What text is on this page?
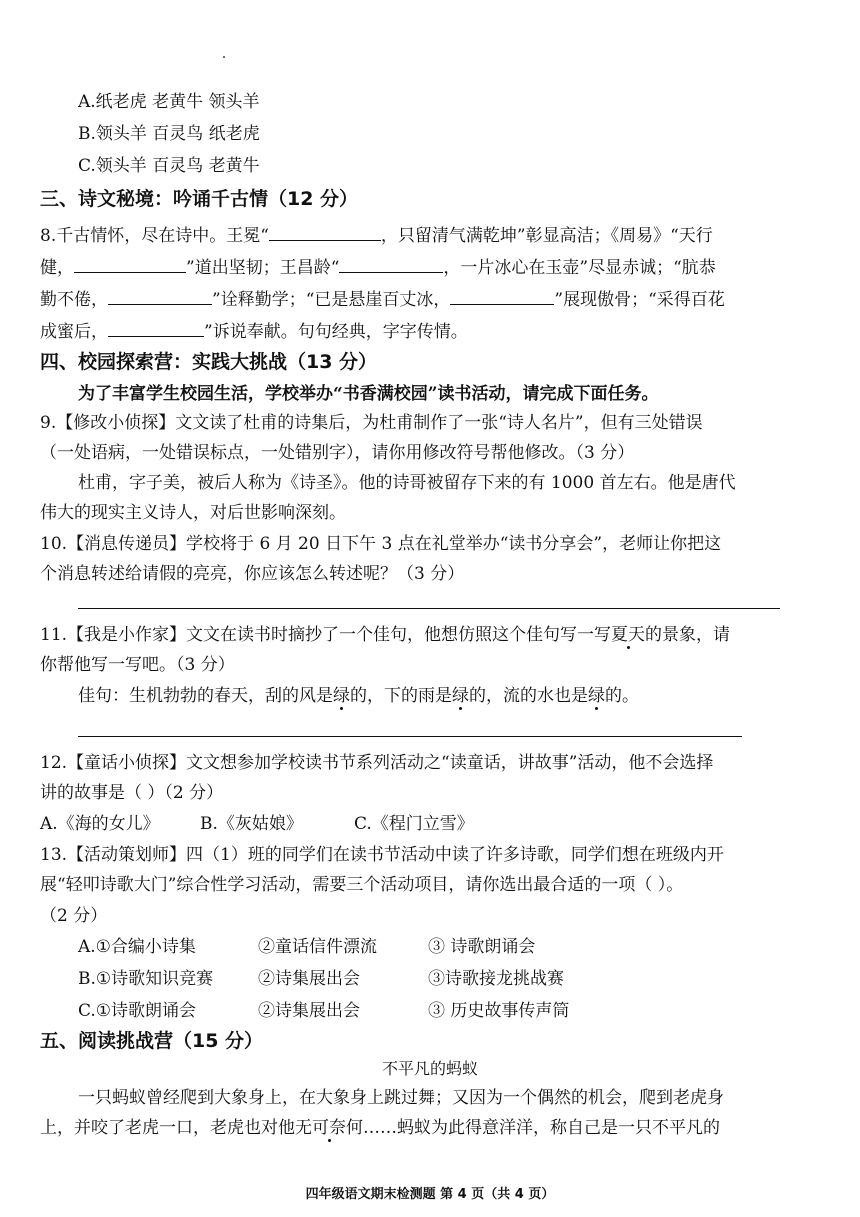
A.纸老虎 老黄牛 领头羊
B.领头羊 百灵鸟 纸老虎
C.领头羊 百灵鸟 老黄牛
三、诗文秘境：吟诵千古情（12 分）
8.千古情怀，尽在诗中。王冕“	，只留清气满乾坤”彰显高洁；《周易》“天行
健，	”道出坚韧；王昌龄“	，一片冰心在玉壶”尽显赤诚；“肮恭
勤不倦，	”诠释勤学；“已是悬崖百丈冰，	”展现傲骨；“采得百花
成蜜后，	”诉说奉献。句句经典，字字传情。
四、校园探索营：实践大挑战（13 分）
为了丰富学生校园生活，学校举办“书香满校园”读书活动，请完成下面任务。
9.【修改小侦探】文文读了杜甫的诗集后，为杜甫制作了一张“诗人名片”，但有三处错误
（一处语病，一处错误标点，一处错别字），请你用修改符号帮他修改。（3 分）
杜甫，字子美，被后人称为《诗圣》。他的诗哥被留存下来的有 1000 首左右。他是唐代
伟大的现实主义诗人，对后世影响深刻。
10.【消息传递员】学校将于 6 月 20 日下午 3 点在礼堂举办“读书分享会”，老师让你把这
个消息转述给请假的亮亮，你应该怎么转述呢？（3 分）
11.【我是小作家】文文在读书时摘抄了一个佳句，他想仿照这个佳句写一写夏天的景象，请
你帮他写一写吧。（3 分）
佳句：生机勃勃的春天，刮的风是绿的，下的雨是绿的，流的水也是绿的。
12.【童话小侦探】文文想参加学校读书节系列活动之“读童话，讲故事”活动，他不会选择
讲的故事是（ ）（2 分）
A.《海的女儿》 B.《灰姑娘》	C.《程门立雪》
13.【活动策划师】四（1）班的同学们在读书节活动中读了许多诗歌，同学们想在班级内开
展“轻叩诗歌大门”综合性学习活动，需要三个活动项目，请你选出最合适的一项（ ）。
（2 分）
A.①合编小诗集	②童话信件漂流	③ 诗歌朗诵会
B.①诗歌知识竞赛	②诗集展出会	③诗歌接龙挑战赛
C.①诗歌朗诵会	②诗集展出会	③ 历史故事传声筒
五、阅读挑战营（15 分）
不平凡的蚂蚁
一只蚂蚁曾经爬到大象身上，在大象身上跳过舞；又因为一个偶然的机会，爬到老虎身
上，并咬了老虎一口，老虎也对他无可奈何……蚂蚁为此得意洋洋，称自己是一只不平凡的
四年级语文期末检测题 第 4 页（共 4 页）
